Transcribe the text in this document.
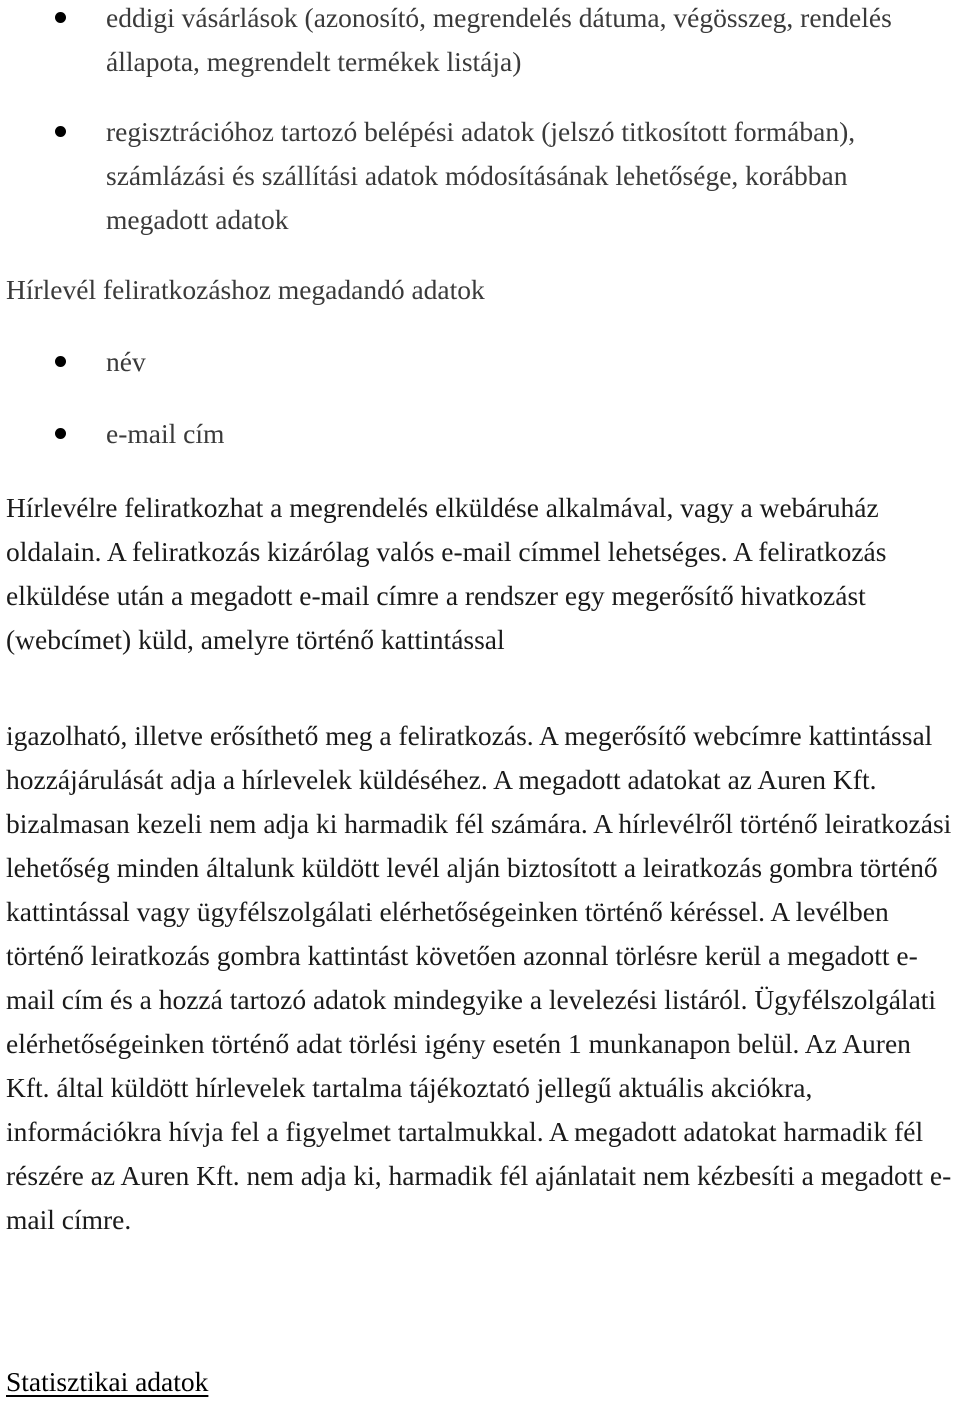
eddigi vásárlások (azonosító, megrendelés dátuma, végösszeg, rendelés állapota, megrendelt termékek listája)
regisztrációhoz tartozó belépési adatok (jelszó titkosított formában), számlázási és szállítási adatok módosításának lehetősége, korábban megadott adatok
Hírlevél feliratkozáshoz megadandó adatok
név
e-mail cím

Hírlevélre feliratkozhat a megrendelés elküldése alkalmával, vagy a webáruház oldalain. A feliratkozás kizárólag valós e-mail címmel lehetséges. A feliratkozás elküldése után a megadott e-mail címre a rendszer egy megerősítő hivatkozást (webcímet) küld, amelyre történő kattintással

igazolható, illetve erősíthető meg a feliratkozás. A megerősítő webcímre kattintással hozzájárulását adja a hírlevelek küldéséhez. A megadott adatokat az Auren Kft. bizalmasan kezeli nem adja ki harmadik fél számára. A hírlevélről történő leiratkozási lehetőség minden általunk küldött levél alján biztosított a leiratkozás gombra történő kattintással vagy ügyfélszolgálati elérhetőségeinken történő kéréssel. A levélben történő leiratkozás gombra kattintást követően azonnal törlésre kerül a megadott e-mail cím és a hozzá tartozó adatok mindegyike a levelezési listáról. Ügyfélszolgálati elérhetőségeinken történő adat törlési igény esetén 1 munkanapon belül. Az Auren Kft. által küldött hírlevelek tartalma tájékoztató jellegű aktuális akciókra, információkra hívja fel a figyelmet tartalmukkal. A megadott adatokat harmadik fél részére az Auren Kft. nem adja ki, harmadik fél ajánlatait nem kézbesíti a megadott e-mail címre.

Statisztikai adatok
